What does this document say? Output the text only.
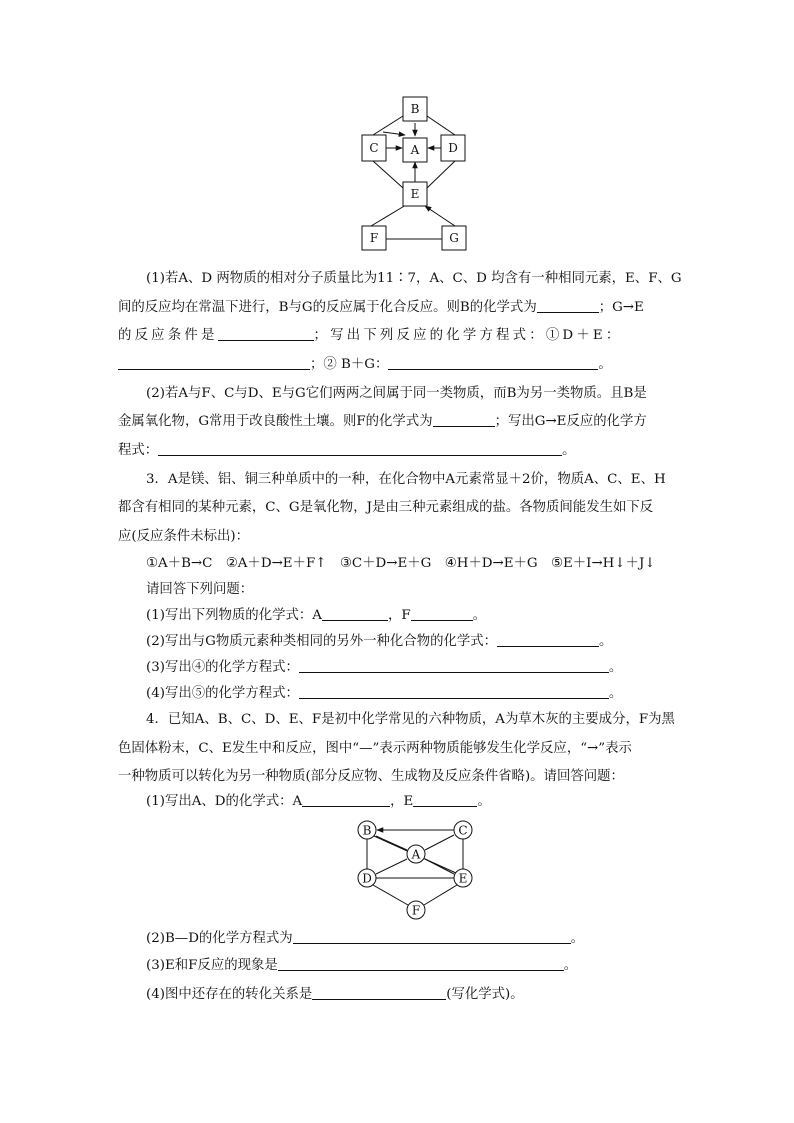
B
C	A D
E
F	G
(1)若A、D 两物质的相对分子质量比为11∶7，A、C、D 均含有一种相同元素，E、F、G
间的反应均在常温下进行，B与G的反应属于化合反应。则B的化学式为	；G→E
的反应条件是	；写出下列反应的化学方程式：①D＋E：
；② B＋G：	。
(2)若A与F、C与D、E与G它们两两之间属于同一类物质，而B为另一类物质。且B是
金属氧化物，G常用于改良酸性土壤。则F的化学式为	；写出G→E反应的化学方
程式：	。
3．A是镁、铝、铜三种单质中的一种，在化合物中A元素常显＋2价，物质A、C、E、H
都含有相同的某种元素，C、G是氧化物，J是由三种元素组成的盐。各物质间能发生如下反
应(反应条件未标出)：
①A＋B→C　②A＋D→E＋F↑　③C＋D→E＋G　④H＋D→E＋G　⑤E＋I→H↓＋J↓
请回答下列问题：
(1)写出下列物质的化学式：A	，F	。
(2)写出与G物质元素种类相同的另外一种化合物的化学式：	。
(3)写出④的化学方程式：	。
(4)写出⑤的化学方程式：	。
4．已知A、B、C、D、E、F是初中化学常见的六种物质，A为草木灰的主要成分，F为黑
色固体粉末，C、E发生中和反应，图中“—”表示两种物质能够发生化学反应，“→”表示
一种物质可以转化为另一种物质(部分反应物、生成物及反应条件省略)。请回答问题：
(1)写出A、D的化学式：A	，E	。
B	C
A
D	E
F
(2)B—D的化学方程式为	。
(3)E和F反应的现象是	。
(4)图中还存在的转化关系是	(写化学式)。
